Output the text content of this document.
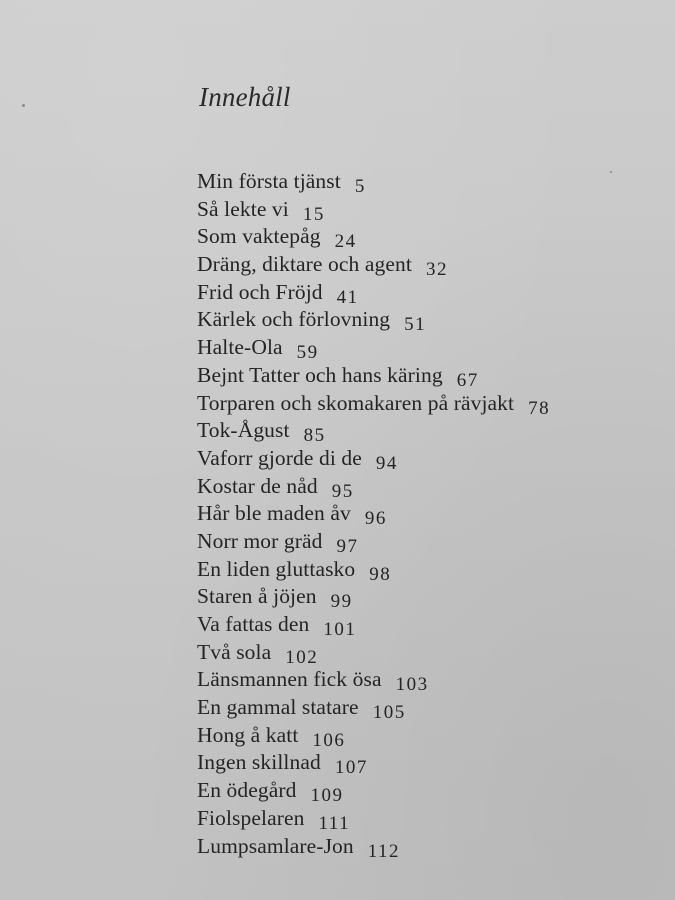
Innehåll
Min första tjänst 5
Så lekte vi 15
Som vaktepåg 24
Dräng, diktare och agent 32
Frid och Fröjd 41
Kärlek och förlovning 51
Halte-Ola 59
Bejnt Tatter och hans käring 67
Torparen och skomakaren på rävjakt 78
Tok-Ågust 85
Vaforr gjorde di de 94
Kostar de nåd 95
Hår ble maden åv 96
Norr mor gräd 97
En liden gluttasko 98
Staren å jöjen 99
Va fattas den 101
Två sola 102
Länsmannen fick ösa 103
En gammal statare 105
Hong å katt 106
Ingen skillnad 107
En ödegård 109
Fiolspelaren 111
Lumpsamlare-Jon 112
